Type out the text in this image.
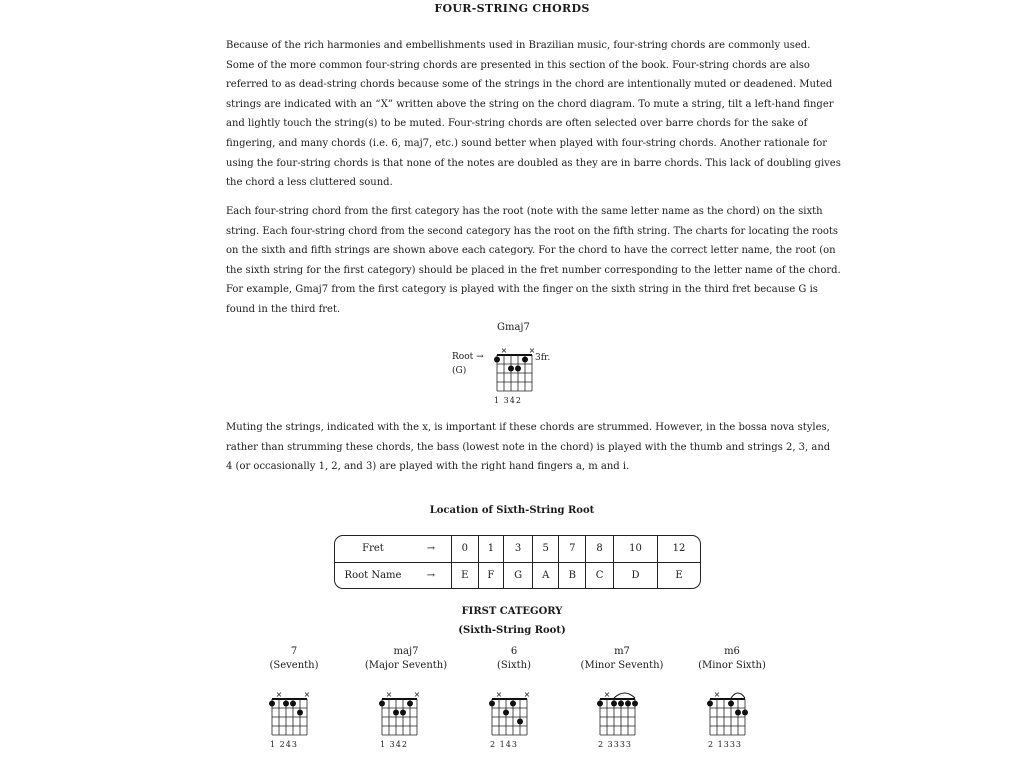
FOUR-STRING CHORDS
Because of the rich harmonies and embellishments used in Brazilian music, four-string chords are commonly used.
Some of the more common four-string chords are presented in this section of the book. Four-string chords are also
referred to as dead-string chords because some of the strings in the chord are intentionally muted or deadened. Muted
strings are indicated with an “X” written above the string on the chord diagram. To mute a string, tilt a left-hand finger
and lightly touch the string(s) to be muted. Four-string chords are often selected over barre chords for the sake of
fingering, and many chords (i.e. 6, maj7, etc.) sound better when played with four-string chords. Another rationale for
using the four-string chords is that none of the notes are doubled as they are in barre chords. This lack of doubling gives
the chord a less cluttered sound.
Each four-string chord from the first category has the root (note with the same letter name as the chord) on the sixth
string. Each four-string chord from the second category has the root on the fifth string. The charts for locating the roots
on the sixth and fifth strings are shown above each category. For the chord to have the correct letter name, the root (on
the sixth string for the first category) should be placed in the fret number corresponding to the letter name of the chord.
For example, Gmaj7 from the first category is played with the finger on the sixth string in the third fret because G is
found in the third fret.
Gmaj7
Root →
(G)
3fr.
1 342
Muting the strings, indicated with the x, is important if these chords are strummed. However, in the bossa nova styles,
rather than strumming these chords, the bass (lowest note in the chord) is played with the thumb and strings 2, 3, and
4 (or occasionally 1, 2, and 3) are played with the right hand fingers a, m and i.
Location of Sixth-String Root
Fret	→	0	1	3	5	7	8	10	12
Root Name	→	E	F	G	A	B	C	D	E
FIRST CATEGORY
(Sixth-String Root)
7
(Seventh)
maj7
(Major Seventh)
6
(Sixth)
m7
(Minor Seventh)
m6
(Minor Sixth)
1 243	1 342	2 143	2 3333	2 1333
×	×
×	×	×	×	×	×	×	×
